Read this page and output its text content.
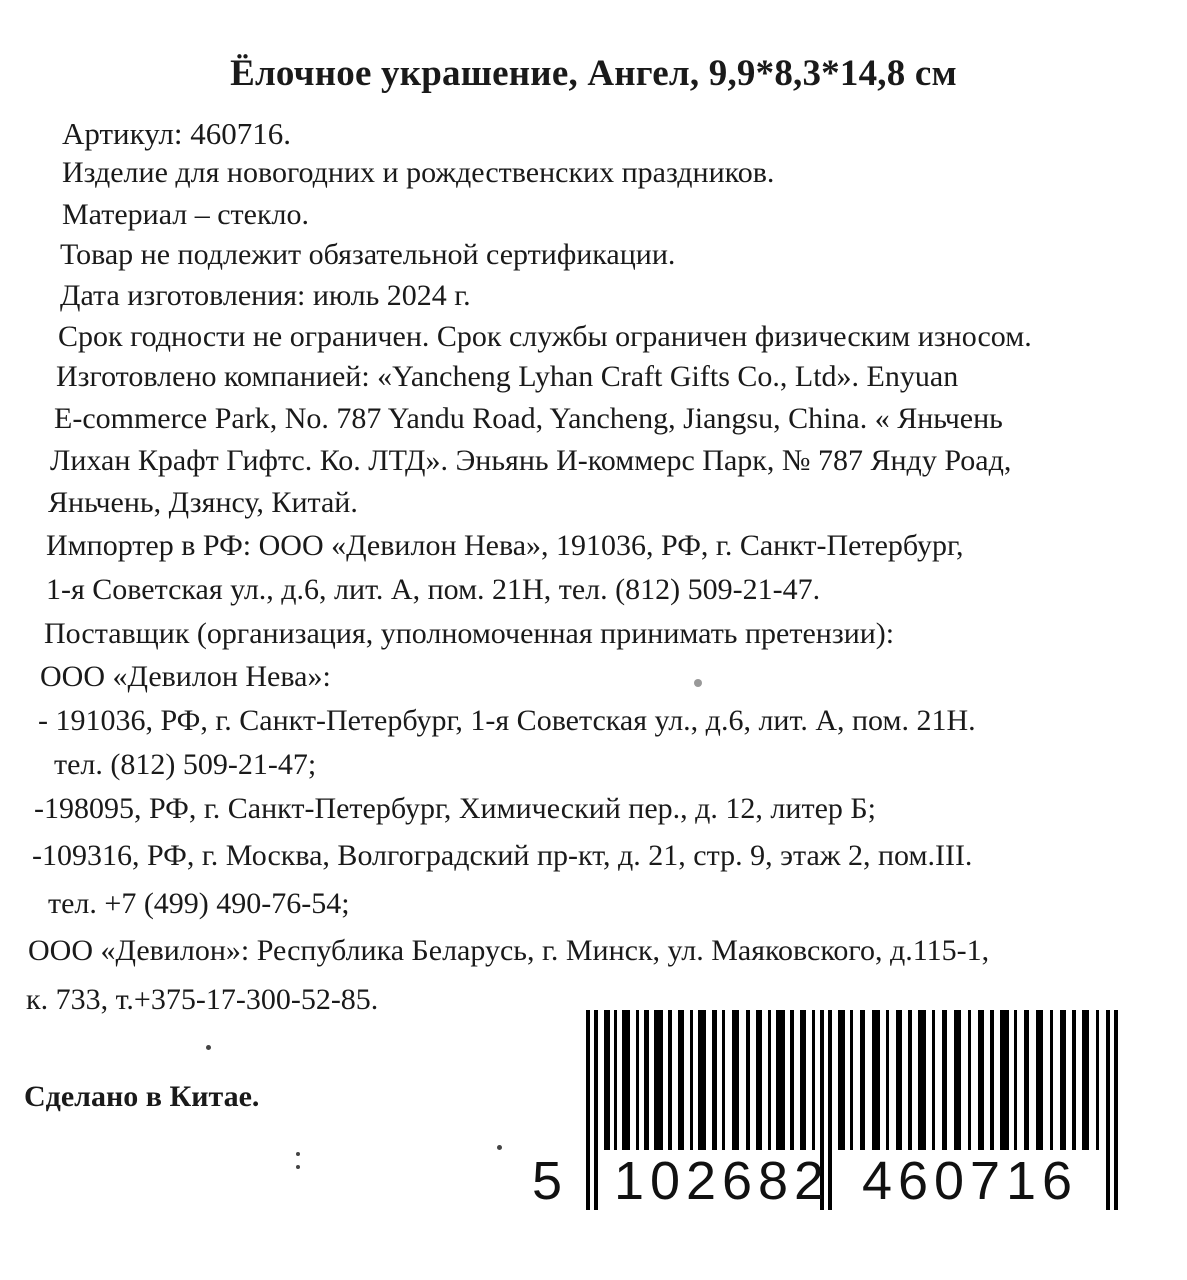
Ёлочное украшение, Ангел, 9,9*8,3*14,8 см
Артикул: 460716.
Изделие для новогодних и рождественских праздников.
Материал – стекло.
Товар не подлежит обязательной сертификации.
Дата изготовления: июль 2024 г.
Срок годности не ограничен. Срок службы ограничен физическим износом.
Изготовлено компанией: «Yancheng Lyhan Craft Gifts Co., Ltd». Enyuan
E-commerce Park, No. 787 Yandu Road, Yancheng, Jiangsu, China. « Яньчень
Лихан Крафт Гифтс. Ко. ЛТД». Эньянь И-коммерс Парк, № 787 Янду Роад,
Яньчень, Дзянсу, Китай.
Импортер в РФ: ООО «Девилон Нева», 191036, РФ, г. Санкт-Петербург,
1-я Советская ул., д.6, лит. А, пом. 21Н, тел. (812) 509-21-47.
Поставщик (организация, уполномоченная принимать претензии):
ООО «Девилон Нева»:
- 191036, РФ, г. Санкт-Петербург, 1-я Советская ул., д.6, лит. А, пом. 21Н.
тел. (812) 509-21-47;
-198095, РФ, г. Санкт-Петербург, Химический пер., д. 12, литер Б;
-109316, РФ, г. Москва, Волгоградский пр-кт, д. 21, стр. 9, этаж 2, пом.III.
тел. +7 (499) 490-76-54;
ООО «Девилон»: Республика Беларусь, г. Минск, ул. Маяковского, д.115-1,
к. 733, т.+375-17-300-52-85.
Сделано в Китае.
5 1 0 2 6 8 2 4 6 0 7 1 6
